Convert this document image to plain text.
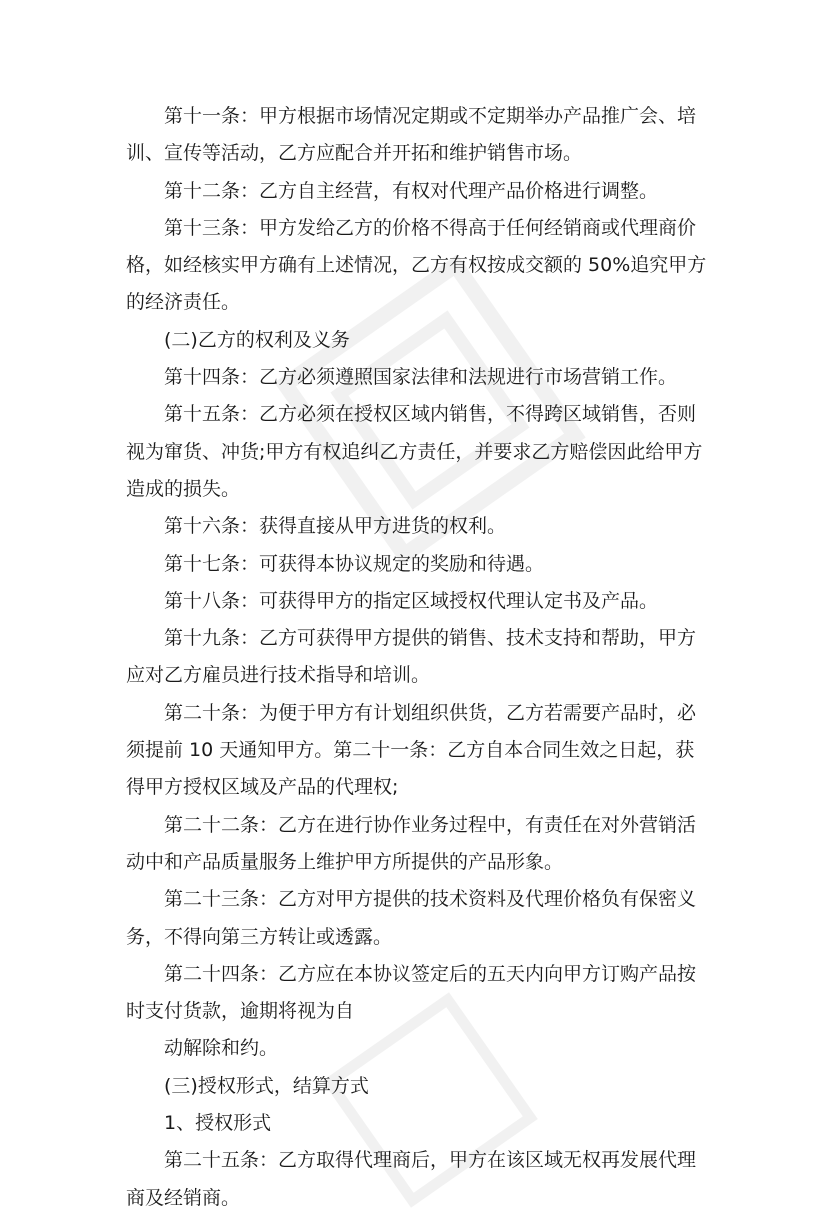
第十一条：甲方根据市场情况定期或不定期举办产品推广会、培训、宣传等活动，乙方应配合并开拓和维护销售市场。

第十二条：乙方自主经营，有权对代理产品价格进行调整。

第十三条：甲方发给乙方的价格不得高于任何经销商或代理商价格，如经核实甲方确有上述情况，乙方有权按成交额的 50%追究甲方的经济责任。

(二)乙方的权利及义务

第十四条：乙方必须遵照国家法律和法规进行市场营销工作。

第十五条：乙方必须在授权区域内销售，不得跨区域销售，否则视为窜货、冲货;甲方有权追纠乙方责任，并要求乙方赔偿因此给甲方造成的损失。

第十六条：获得直接从甲方进货的权利。

第十七条：可获得本协议规定的奖励和待遇。

第十八条：可获得甲方的指定区域授权代理认定书及产品。

第十九条：乙方可获得甲方提供的销售、技术支持和帮助，甲方应对乙方雇员进行技术指导和培训。

第二十条：为便于甲方有计划组织供货，乙方若需要产品时，必须提前 10 天通知甲方。第二十一条：乙方自本合同生效之日起，获得甲方授权区域及产品的代理权;

第二十二条：乙方在进行协作业务过程中，有责任在对外营销活动中和产品质量服务上维护甲方所提供的产品形象。

第二十三条：乙方对甲方提供的技术资料及代理价格负有保密义务，不得向第三方转让或透露。

第二十四条：乙方应在本协议签定后的五天内向甲方订购产品按时支付货款，逾期将视为自

动解除和约。

(三)授权形式，结算方式

1、授权形式

第二十五条：乙方取得代理商后，甲方在该区域无权再发展代理商及经销商。
